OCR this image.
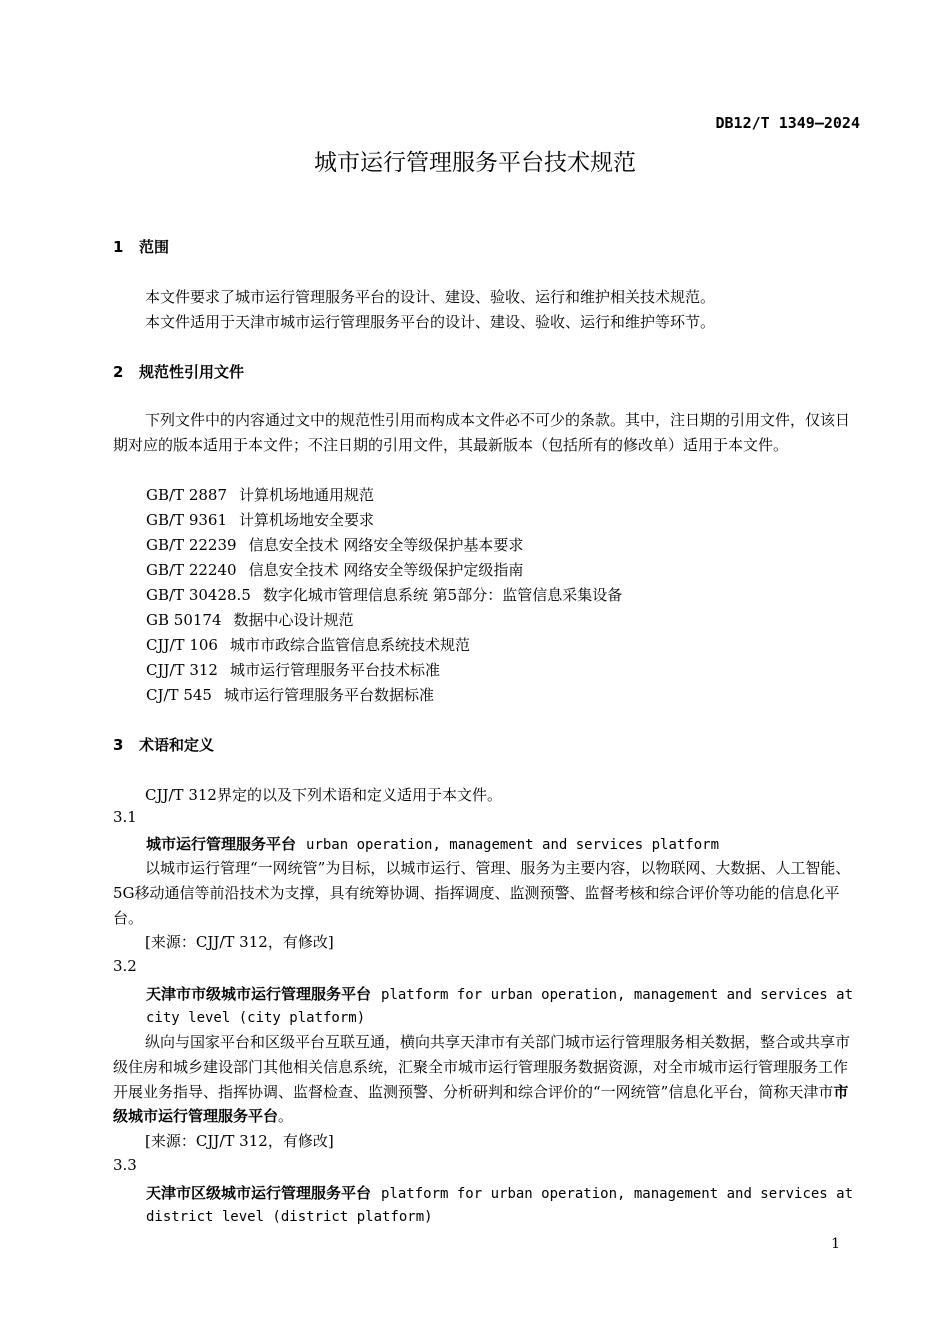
DB12/T 1349—2024
城市运行管理服务平台技术规范
1 范围
本文件要求了城市运行管理服务平台的设计、建设、验收、运行和维护相关技术规范。
本文件适用于天津市城市运行管理服务平台的设计、建设、验收、运行和维护等环节。
2 规范性引用文件
下列文件中的内容通过文中的规范性引用而构成本文件必不可少的条款。其中，注日期的引用文件，仅该日期对应的版本适用于本文件；不注日期的引用文件，其最新版本（包括所有的修改单）适用于本文件。
GB/T 2887 计算机场地通用规范
GB/T 9361 计算机场地安全要求
GB/T 22239 信息安全技术 网络安全等级保护基本要求
GB/T 22240 信息安全技术 网络安全等级保护定级指南
GB/T 30428.5 数字化城市管理信息系统 第5部分：监管信息采集设备
GB 50174 数据中心设计规范
CJJ/T 106 城市市政综合监管信息系统技术规范
CJJ/T 312 城市运行管理服务平台技术标准
CJ/T 545 城市运行管理服务平台数据标准
3 术语和定义
CJJ/T 312界定的以及下列术语和定义适用于本文件。
3.1
城市运行管理服务平台 urban operation, management and services platform
以城市运行管理“一网统管”为目标，以城市运行、管理、服务为主要内容，以物联网、大数据、人工智能、5G移动通信等前沿技术为支撑，具有统筹协调、指挥调度、监测预警、监督考核和综合评价等功能的信息化平台。
[来源：CJJ/T 312，有修改]
3.2
天津市市级城市运行管理服务平台 platform for urban operation, management and services at
city level (city platform)
纵向与国家平台和区级平台互联互通，横向共享天津市有关部门城市运行管理服务相关数据，整合或共享市级住房和城乡建设部门其他相关信息系统，汇聚全市城市运行管理服务数据资源，对全市城市运行管理服务工作开展业务指导、指挥协调、监督检查、监测预警、分析研判和综合评价的“一网统管”信息化平台，简称天津市市级城市运行管理服务平台。
[来源：CJJ/T 312，有修改]
3.3
天津市区级城市运行管理服务平台 platform for urban operation, management and services at
district level (district platform)
1
